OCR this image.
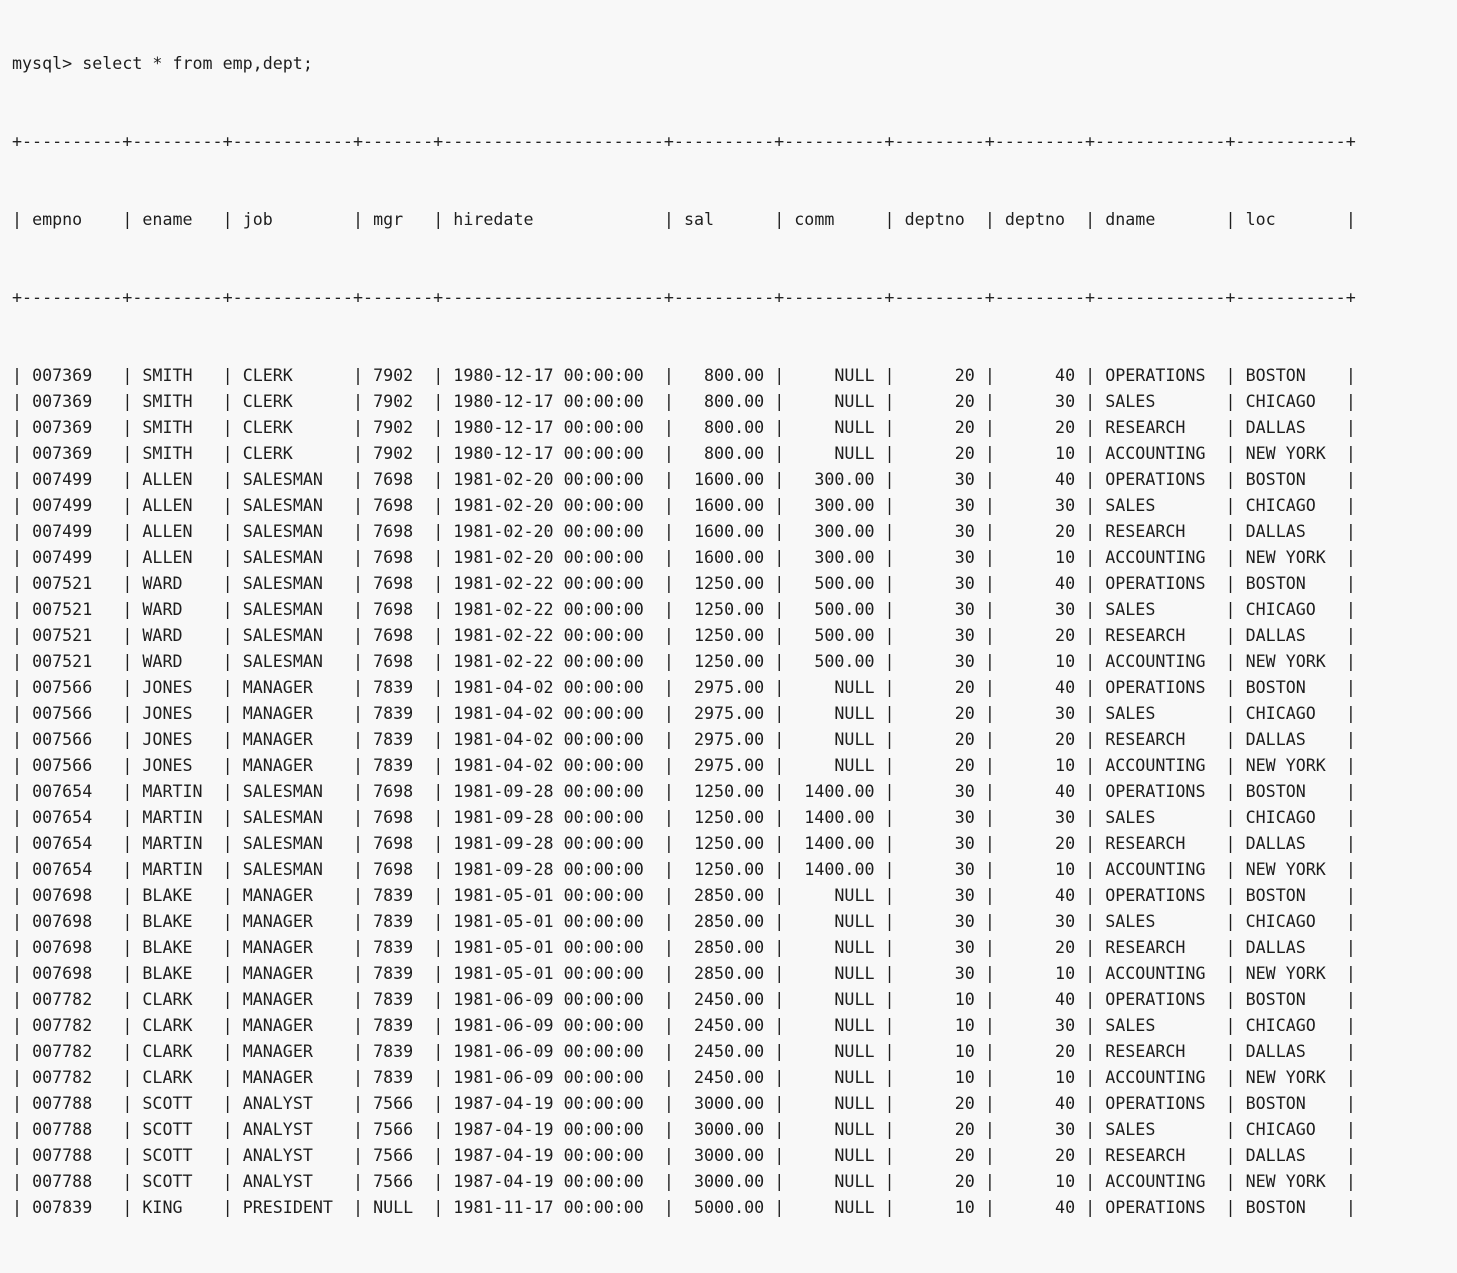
mysql> select * from emp,dept;

+----------+---------+------------+-------+----------------------+----------+----------+---------+---------+-------------+-----------+

| empno    | ename   | job        | mgr   | hiredate             | sal      | comm     | deptno  | deptno  | dname       | loc       |

+----------+---------+------------+-------+----------------------+----------+----------+---------+---------+-------------+-----------+

| 007369   | SMITH   | CLERK      | 7902  | 1980-12-17 00:00:00  |   800.00 |     NULL |      20 |      40 | OPERATIONS  | BOSTON    |
| 007369   | SMITH   | CLERK      | 7902  | 1980-12-17 00:00:00  |   800.00 |     NULL |      20 |      30 | SALES       | CHICAGO   |
| 007369   | SMITH   | CLERK      | 7902  | 1980-12-17 00:00:00  |   800.00 |     NULL |      20 |      20 | RESEARCH    | DALLAS    |
| 007369   | SMITH   | CLERK      | 7902  | 1980-12-17 00:00:00  |   800.00 |     NULL |      20 |      10 | ACCOUNTING  | NEW YORK  |
| 007499   | ALLEN   | SALESMAN   | 7698  | 1981-02-20 00:00:00  |  1600.00 |   300.00 |      30 |      40 | OPERATIONS  | BOSTON    |
| 007499   | ALLEN   | SALESMAN   | 7698  | 1981-02-20 00:00:00  |  1600.00 |   300.00 |      30 |      30 | SALES       | CHICAGO   |
| 007499   | ALLEN   | SALESMAN   | 7698  | 1981-02-20 00:00:00  |  1600.00 |   300.00 |      30 |      20 | RESEARCH    | DALLAS    |
| 007499   | ALLEN   | SALESMAN   | 7698  | 1981-02-20 00:00:00  |  1600.00 |   300.00 |      30 |      10 | ACCOUNTING  | NEW YORK  |
| 007521   | WARD    | SALESMAN   | 7698  | 1981-02-22 00:00:00  |  1250.00 |   500.00 |      30 |      40 | OPERATIONS  | BOSTON    |
| 007521   | WARD    | SALESMAN   | 7698  | 1981-02-22 00:00:00  |  1250.00 |   500.00 |      30 |      30 | SALES       | CHICAGO   |
| 007521   | WARD    | SALESMAN   | 7698  | 1981-02-22 00:00:00  |  1250.00 |   500.00 |      30 |      20 | RESEARCH    | DALLAS    |
| 007521   | WARD    | SALESMAN   | 7698  | 1981-02-22 00:00:00  |  1250.00 |   500.00 |      30 |      10 | ACCOUNTING  | NEW YORK  |
| 007566   | JONES   | MANAGER    | 7839  | 1981-04-02 00:00:00  |  2975.00 |     NULL |      20 |      40 | OPERATIONS  | BOSTON    |
| 007566   | JONES   | MANAGER    | 7839  | 1981-04-02 00:00:00  |  2975.00 |     NULL |      20 |      30 | SALES       | CHICAGO   |
| 007566   | JONES   | MANAGER    | 7839  | 1981-04-02 00:00:00  |  2975.00 |     NULL |      20 |      20 | RESEARCH    | DALLAS    |
| 007566   | JONES   | MANAGER    | 7839  | 1981-04-02 00:00:00  |  2975.00 |     NULL |      20 |      10 | ACCOUNTING  | NEW YORK  |
| 007654   | MARTIN  | SALESMAN   | 7698  | 1981-09-28 00:00:00  |  1250.00 |  1400.00 |      30 |      40 | OPERATIONS  | BOSTON    |
| 007654   | MARTIN  | SALESMAN   | 7698  | 1981-09-28 00:00:00  |  1250.00 |  1400.00 |      30 |      30 | SALES       | CHICAGO   |
| 007654   | MARTIN  | SALESMAN   | 7698  | 1981-09-28 00:00:00  |  1250.00 |  1400.00 |      30 |      20 | RESEARCH    | DALLAS    |
| 007654   | MARTIN  | SALESMAN   | 7698  | 1981-09-28 00:00:00  |  1250.00 |  1400.00 |      30 |      10 | ACCOUNTING  | NEW YORK  |
| 007698   | BLAKE   | MANAGER    | 7839  | 1981-05-01 00:00:00  |  2850.00 |     NULL |      30 |      40 | OPERATIONS  | BOSTON    |
| 007698   | BLAKE   | MANAGER    | 7839  | 1981-05-01 00:00:00  |  2850.00 |     NULL |      30 |      30 | SALES       | CHICAGO   |
| 007698   | BLAKE   | MANAGER    | 7839  | 1981-05-01 00:00:00  |  2850.00 |     NULL |      30 |      20 | RESEARCH    | DALLAS    |
| 007698   | BLAKE   | MANAGER    | 7839  | 1981-05-01 00:00:00  |  2850.00 |     NULL |      30 |      10 | ACCOUNTING  | NEW YORK  |
| 007782   | CLARK   | MANAGER    | 7839  | 1981-06-09 00:00:00  |  2450.00 |     NULL |      10 |      40 | OPERATIONS  | BOSTON    |
| 007782   | CLARK   | MANAGER    | 7839  | 1981-06-09 00:00:00  |  2450.00 |     NULL |      10 |      30 | SALES       | CHICAGO   |
| 007782   | CLARK   | MANAGER    | 7839  | 1981-06-09 00:00:00  |  2450.00 |     NULL |      10 |      20 | RESEARCH    | DALLAS    |
| 007782   | CLARK   | MANAGER    | 7839  | 1981-06-09 00:00:00  |  2450.00 |     NULL |      10 |      10 | ACCOUNTING  | NEW YORK  |
| 007788   | SCOTT   | ANALYST    | 7566  | 1987-04-19 00:00:00  |  3000.00 |     NULL |      20 |      40 | OPERATIONS  | BOSTON    |
| 007788   | SCOTT   | ANALYST    | 7566  | 1987-04-19 00:00:00  |  3000.00 |     NULL |      20 |      30 | SALES       | CHICAGO   |
| 007788   | SCOTT   | ANALYST    | 7566  | 1987-04-19 00:00:00  |  3000.00 |     NULL |      20 |      20 | RESEARCH    | DALLAS    |
| 007788   | SCOTT   | ANALYST    | 7566  | 1987-04-19 00:00:00  |  3000.00 |     NULL |      20 |      10 | ACCOUNTING  | NEW YORK  |
| 007839   | KING    | PRESIDENT  | NULL  | 1981-11-17 00:00:00  |  5000.00 |     NULL |      10 |      40 | OPERATIONS  | BOSTON    |
